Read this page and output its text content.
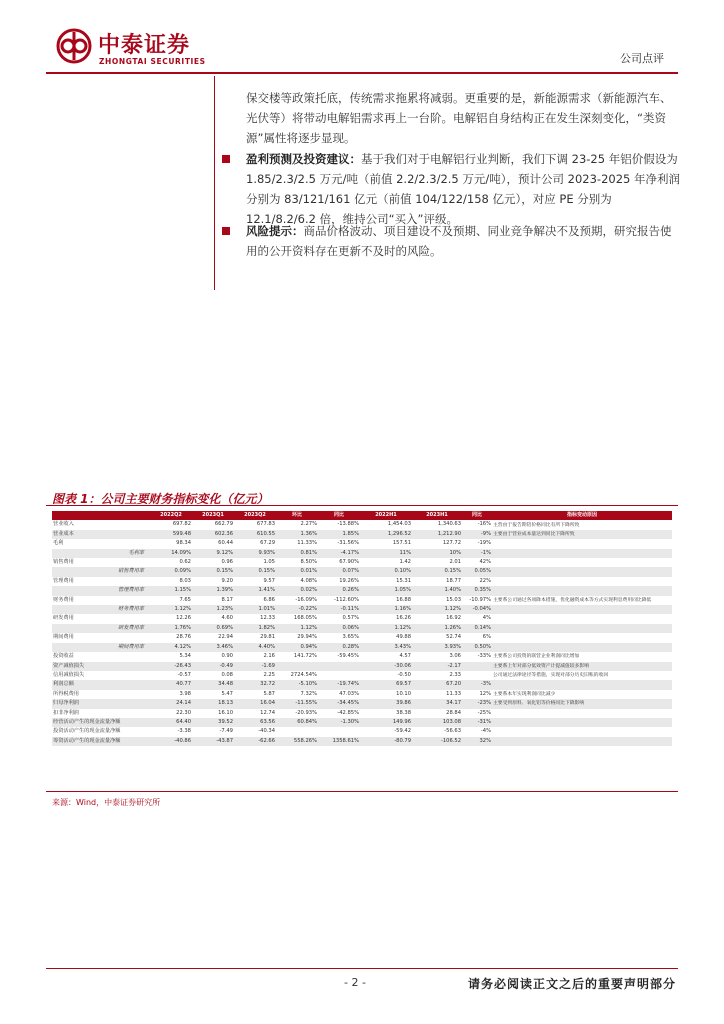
中泰证券
ZHONGTAI SECURITIES	公司点评
保交楼等政策托底，传统需求拖累将减弱。更重要的是，新能源需求（新能源汽车、光伏等）将带动电解铝需求再上一台阶。电解铝自身结构正在发生深刻变化，“类资源”属性将逐步显现。
盈利预测及投资建议：基于我们对于电解铝行业判断，我们下调 23-25 年铝价假设为 1.85/2.3/2.5 万元/吨（前值 2.2/2.3/2.5 万元/吨），预计公司 2023-2025 年净利润分别为 83/121/161 亿元（前值 104/122/158 亿元），对应 PE 分别为 12.1/8.2/6.2 倍，维持公司“买入”评级。
风险提示：商品价格波动、项目建设不及预期、同业竞争解决不及预期，研究报告使用的公开资料存在更新不及时的风险。
图表 1：公司主要财务指标变化（亿元）
	2022Q2	2023Q1	2023Q2	环比	同比	2022H1	2023H1	同比	指标变动原因
营业收入	697.82	662.79	677.83	2.27%	-13.88%	1,454.03	1,340.63	-16%	主营由于报告期铝价格同比有所下降所致
营业成本	599.48	602.36	610.55	1.36%	1.85%	1,296.52	1,212.90	-9%	主要由于营业成本量达到同比下降所致
毛利	98.34	60.44	67.29	11.33%	-31.56%	157.51	127.72	-19%	
毛利率	14.09%	9.12%	9.93%	0.81%	-4.17%	11%	10%	-1%	
销售费用	0.62	0.96	1.05	8.50%	67.90%	1.42	2.01	42%	
销售费用率	0.09%	0.15%	0.15%	0.01%	0.07%	0.10%	0.15%	0.05%	
管理费用	8.03	9.20	9.57	4.08%	19.26%	15.31	18.77	22%	
管理费用率	1.15%	1.39%	1.41%	0.02%	0.26%	1.05%	1.40%	0.35%	
财务费用	7.65	8.17	6.86	-16.09%	-112.60%	16.88	15.03	-10.97%	主要系公司通过各项降本措施，优化融资成本等方式实现利息费用同比降低
财务费用率	1.12%	1.23%	1.01%	-0.22%	-0.11%	1.16%	1.12%	-0.04%	
研发费用	12.26	4.60	12.33	168.05%	0.57%	16.26	16.92	4%	
研发费用率	1.76%	0.69%	1.82%	1.12%	0.06%	1.12%	1.26%	0.14%	
期间费用	28.76	22.94	29.81	29.94%	3.65%	49.88	52.74	6%	
期间费用率	4.12%	3.46%	4.40%	0.94%	0.28%	3.43%	3.93%	0.50%	
投资收益	5.34	0.90	2.16	141.72%	-59.45%	4.57	3.06	-33%	主要系公司投资的联营企业利润同比增加
资产减值损失	-26.43	-0.49	-1.69			-30.06	-2.17		主要系上年对部分低效资产计提减值较多影响
信用减值损失	-0.57	0.08	2.25	2724.54%		-0.50	2.33		公司通过法律途径等措施，实现对部分历史旧账的收回
利润总额	40.77	34.48	32.72	-5.10%	-19.74%	69.57	67.20	-3%	
所得税费用	3.98	5.47	5.87	7.32%	47.03%	10.10	11.33	12%	主要系本年实现利润同比减少
归母净利润	24.14	18.13	16.04	-11.55%	-34.45%	39.86	34.17	-23%	主要受到原料、氧化铝等价格同比下降影响
扣非净利润	22.30	16.10	12.74	-20.93%	-42.85%	38.38	28.84	-25%	
经营活动产生的现金流量净额	64.40	39.52	63.56	60.84%	-1.30%	149.96	103.08	-31%	
投资活动产生的现金流量净额	-3.38	-7.49	-40.34			-59.42	-56.63	-4%	
筹资活动产生的现金流量净额	-40.86	-43.87	-62.66	558.26%	1358.61%	-80.79	-106.52	32%	
来源：Wind，中泰证券研究所
- 2 -	请务必阅读正文之后的重要声明部分
